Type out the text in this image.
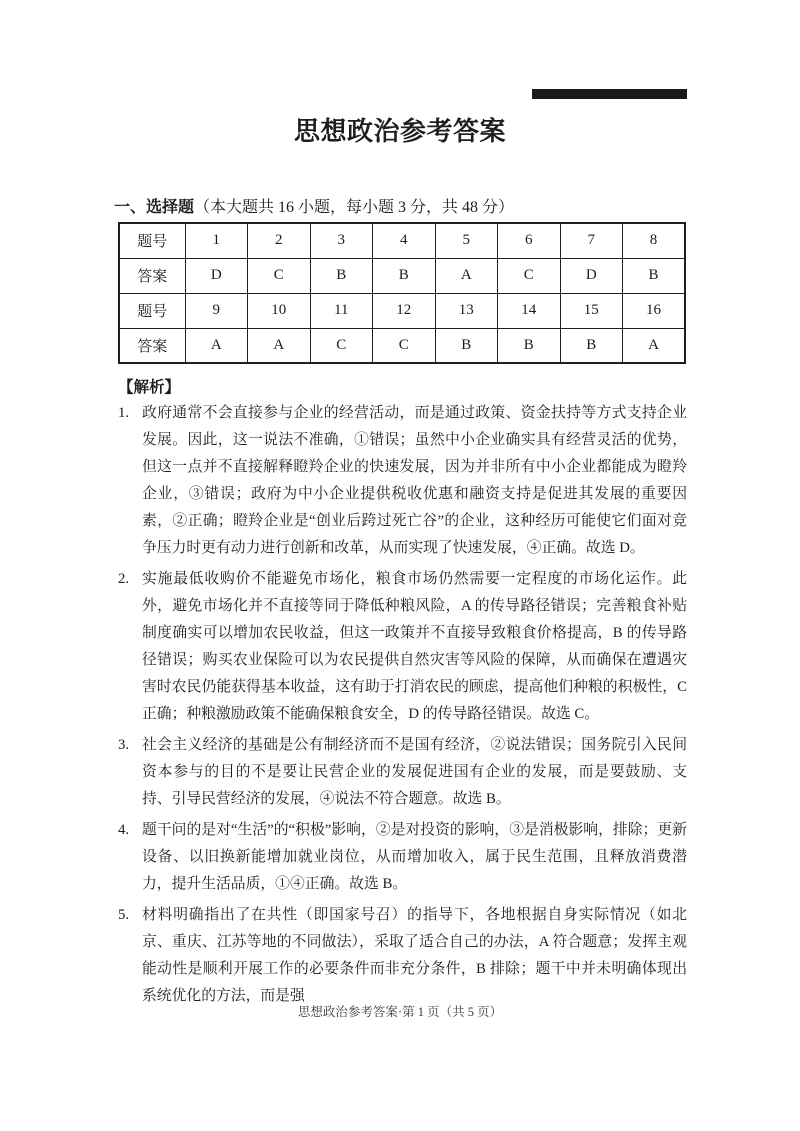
思想政治参考答案
一、选择题（本大题共 16 小题，每小题 3 分，共 48 分）
题号	1	2	3	4	5	6	7	8
答案	D	C	B	B	A	C	D	B
题号	9	10	11	12	13	14	15	16
答案	A	A	C	C	B	B	B	A
【解析】
1. 政府通常不会直接参与企业的经营活动，而是通过政策、资金扶持等方式支持企业发展。因此，这一说法不准确，①错误；虽然中小企业确实具有经营灵活的优势，但这一点并不直接解释瞪羚企业的快速发展，因为并非所有中小企业都能成为瞪羚企业，③错误；政府为中小企业提供税收优惠和融资支持是促进其发展的重要因素，②正确；瞪羚企业是“创业后跨过死亡谷”的企业，这种经历可能使它们面对竞争压力时更有动力进行创新和改革，从而实现了快速发展，④正确。故选 D。
2. 实施最低收购价不能避免市场化，粮食市场仍然需要一定程度的市场化运作。此外，避免市场化并不直接等同于降低种粮风险，A 的传导路径错误；完善粮食补贴制度确实可以增加农民收益，但这一政策并不直接导致粮食价格提高，B 的传导路径错误；购买农业保险可以为农民提供自然灾害等风险的保障，从而确保在遭遇灾害时农民仍能获得基本收益，这有助于打消农民的顾虑，提高他们种粮的积极性，C 正确；种粮激励政策不能确保粮食安全，D 的传导路径错误。故选 C。
3. 社会主义经济的基础是公有制经济而不是国有经济，②说法错误；国务院引入民间资本参与的目的不是要让民营企业的发展促进国有企业的发展，而是要鼓励、支持、引导民营经济的发展，④说法不符合题意。故选 B。
4. 题干问的是对“生活”的“积极”影响，②是对投资的影响，③是消极影响，排除；更新设备、以旧换新能增加就业岗位，从而增加收入，属于民生范围，且释放消费潜力，提升生活品质，①④正确。故选 B。
5. 材料明确指出了在共性（即国家号召）的指导下，各地根据自身实际情况（如北京、重庆、江苏等地的不同做法），采取了适合自己的办法，A 符合题意；发挥主观能动性是顺利开展工作的必要条件而非充分条件，B 排除；题干中并未明确体现出系统优化的方法，而是强
思想政治参考答案·第 1 页（共 5 页）
